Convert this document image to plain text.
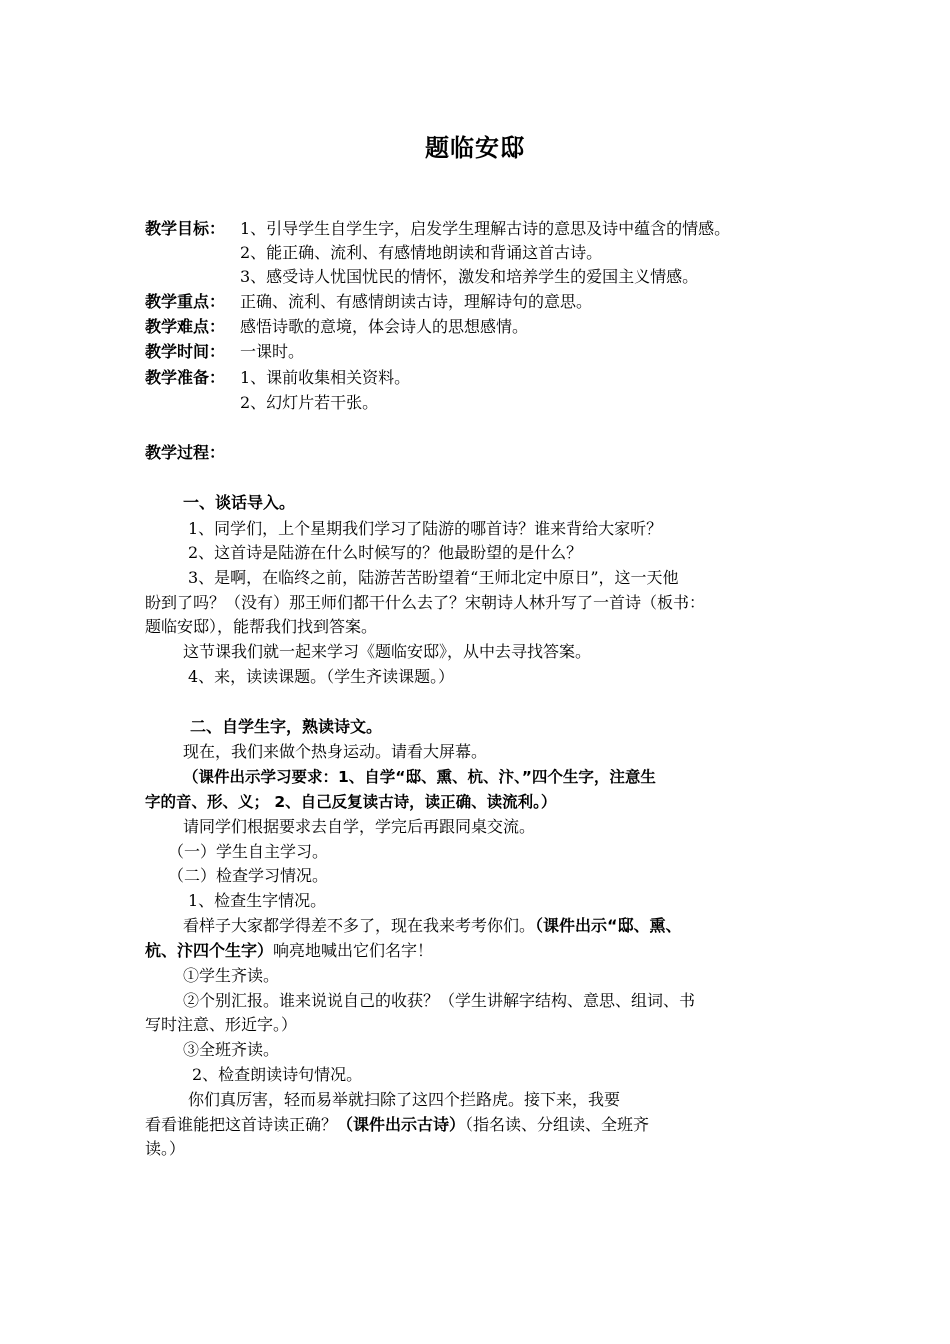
题临安邸
教学目标： 1、引导学生自学生字，启发学生理解古诗的意思及诗中蕴含的情感。
2、能正确、流利、有感情地朗读和背诵这首古诗。
3、感受诗人忧国忧民的情怀，激发和培养学生的爱国主义情感。
教学重点： 正确、流利、有感情朗读古诗，理解诗句的意思。
教学难点： 感悟诗歌的意境，体会诗人的思想感情。
教学时间： 一课时。
教学准备： 1、课前收集相关资料。
2、幻灯片若干张。
教学过程：
一、谈话导入。
1、同学们，上个星期我们学习了陆游的哪首诗？谁来背给大家听？
2、这首诗是陆游在什么时候写的？他最盼望的是什么？
3、是啊，在临终之前，陆游苦苦盼望着“王师北定中原日”，这一天他
盼到了吗？（没有）那王师们都干什么去了？宋朝诗人林升写了一首诗（板书：
题临安邸），能帮我们找到答案。
这节课我们就一起来学习《题临安邸》，从中去寻找答案。
4、来，读读课题。（学生齐读课题。）
二、自学生字，熟读诗文。
现在，我们来做个热身运动。请看大屏幕。
（课件出示学习要求：1、自学“邸、熏、杭、汴、”四个生字，注意生
字的音、形、义； 2、自己反复读古诗，读正确、读流利。）
请同学们根据要求去自学，学完后再跟同桌交流。
（一）学生自主学习。
（二）检查学习情况。
1、检查生字情况。
看样子大家都学得差不多了，现在我来考考你们。（课件出示“邸、熏、
杭、汴四个生字）响亮地喊出它们名字！
①学生齐读。
②个别汇报。谁来说说自己的收获？（学生讲解字结构、意思、组词、书
写时注意、形近字。）
③全班齐读。
2、检查朗读诗句情况。
你们真厉害，轻而易举就扫除了这四个拦路虎。接下来，我要
看看谁能把这首诗读正确？（课件出示古诗）（指名读、分组读、全班齐
读。）
